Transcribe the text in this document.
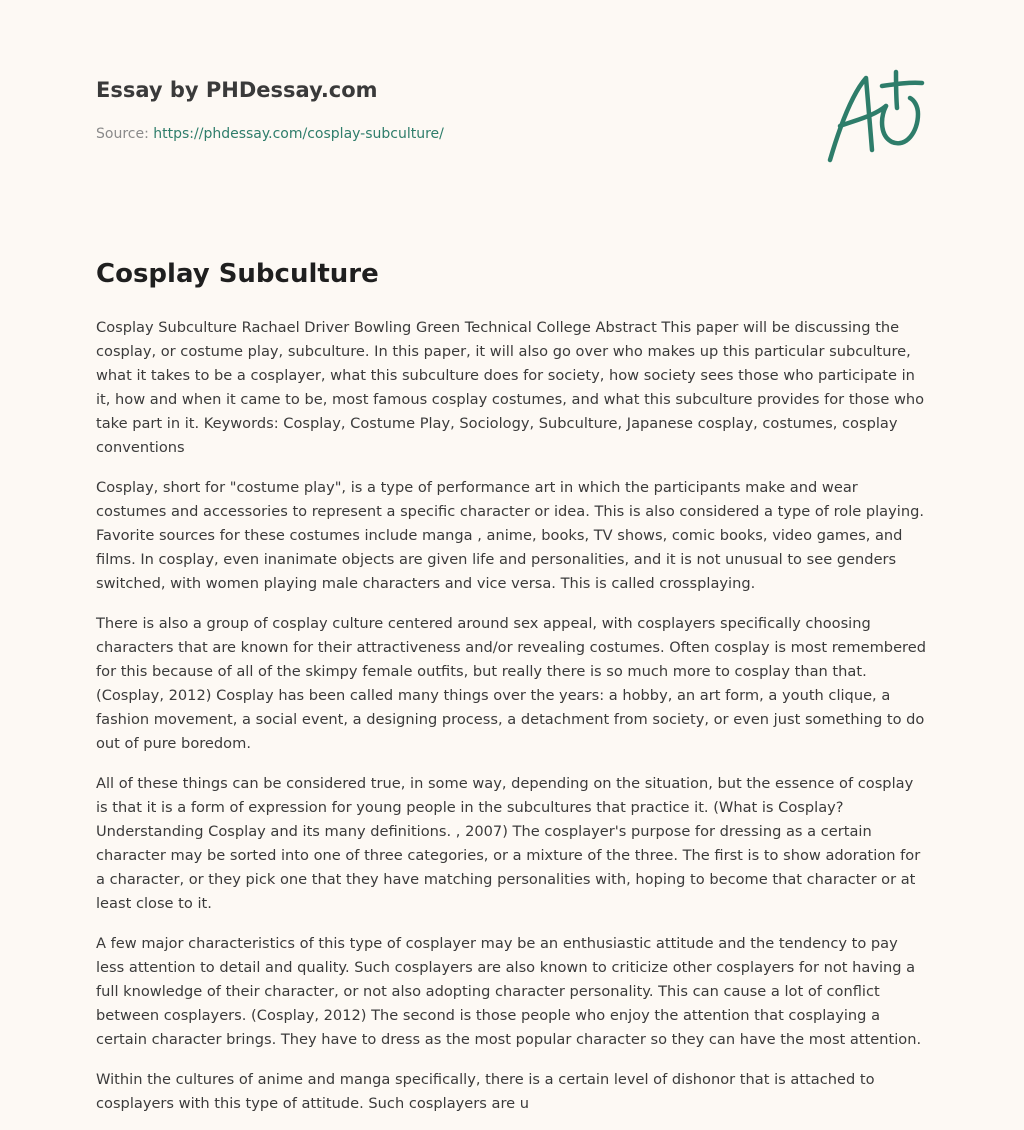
Essay by PHDessay.com
Source: https://phdessay.com/cosplay-subculture/
Cosplay Subculture

Cosplay Subculture Rachael Driver Bowling Green Technical College Abstract This paper will be discussing the cosplay, or costume play, subculture. In this paper, it will also go over who makes up this particular subculture, what it takes to be a cosplayer, what this subculture does for society, how society sees those who participate in it, how and when it came to be, most famous cosplay costumes, and what this subculture provides for those who take part in it. Keywords: Cosplay, Costume Play, Sociology, Subculture, Japanese cosplay, costumes, cosplay conventions

Cosplay, short for "costume play", is a type of performance art in which the participants make and wear costumes and accessories to represent a specific character or idea. This is also considered a type of role playing. Favorite sources for these costumes include manga , anime, books, TV shows, comic books, video games, and films. In cosplay, even inanimate objects are given life and personalities, and it is not unusual to see genders switched, with women playing male characters and vice versa. This is called crossplaying.

There is also a group of cosplay culture centered around sex appeal, with cosplayers specifically choosing characters that are known for their attractiveness and/or revealing costumes. Often cosplay is most remembered for this because of all of the skimpy female outfits, but really there is so much more to cosplay than that. (Cosplay, 2012) Cosplay has been called many things over the years: a hobby, an art form, a youth clique, a fashion movement, a social event, a designing process, a detachment from society, or even just something to do out of pure boredom.

All of these things can be considered true, in some way, depending on the situation, but the essence of cosplay is that it is a form of expression for young people in the subcultures that practice it. (What is Cosplay? Understanding Cosplay and its many definitions. , 2007) The cosplayer's purpose for dressing as a certain character may be sorted into one of three categories, or a mixture of the three. The first is to show adoration for a character, or they pick one that they have matching personalities with, hoping to become that character or at least close to it.

A few major characteristics of this type of cosplayer may be an enthusiastic attitude and the tendency to pay less attention to detail and quality. Such cosplayers are also known to criticize other cosplayers for not having a full knowledge of their character, or not also adopting character personality. This can cause a lot of conflict between cosplayers. (Cosplay, 2012) The second is those people who enjoy the attention that cosplaying a certain character brings. They have to dress as the most popular character so they can have the most attention.

Within the cultures of anime and manga specifically, there is a certain level of dishonor that is attached to cosplayers with this type of attitude. Such cosplayers are u
